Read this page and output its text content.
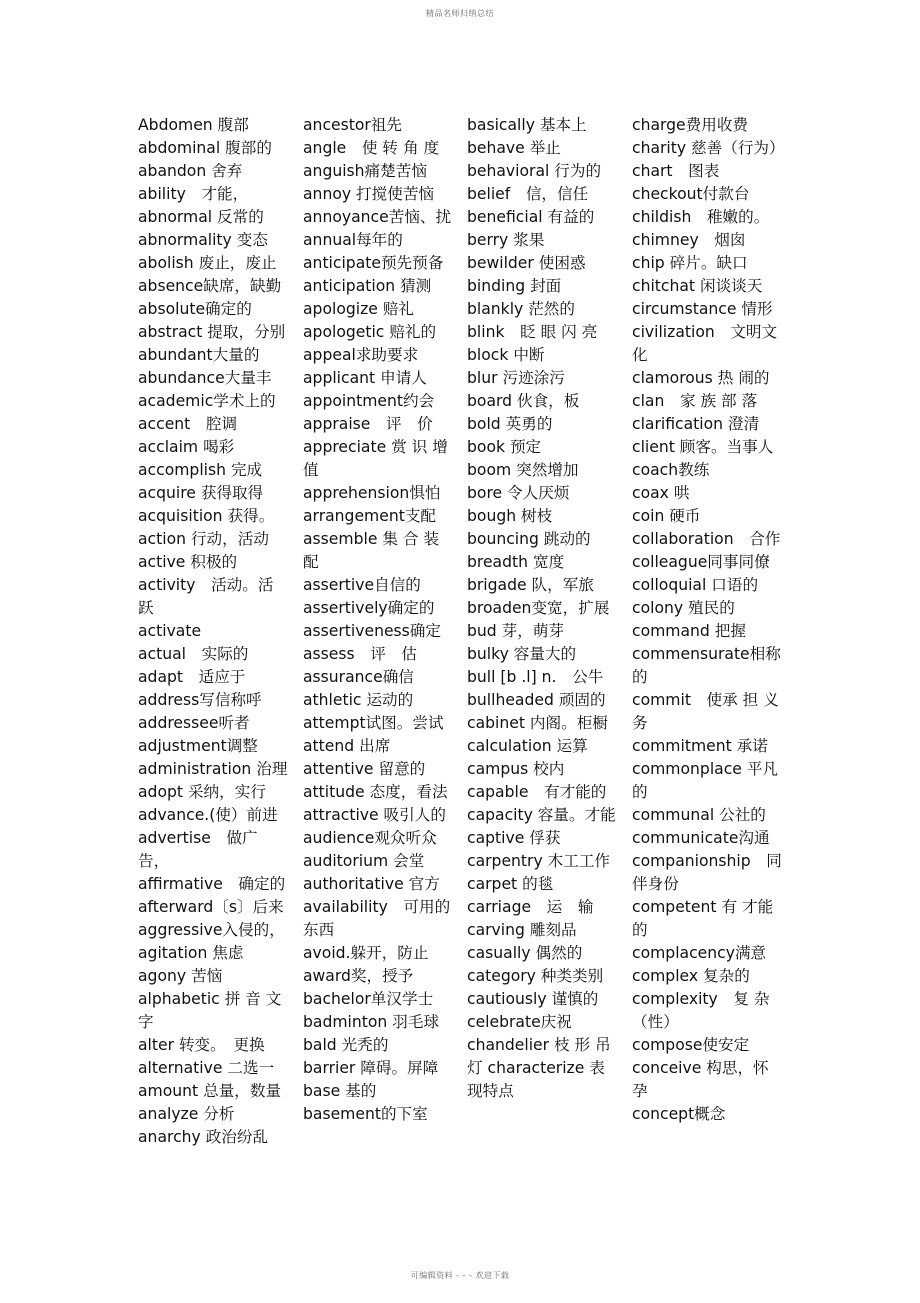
精品名师归纳总结
Abdomen 腹部
abdominal 腹部的
abandon 舍弃
ability　才能，
abnormal 反常的
abnormality 变态
abolish 废止，废止
absence缺席，缺勤
absolute确定的
abstract 提取，分别
abundant大量的
abundance大量丰
academic学术上的
accent　腔调
acclaim 喝彩
accomplish 完成
acquire 获得取得
acquisition 获得。
action 行动，活动
active 积极的
activity　活动。活跃
activate
actual　实际的
adapt　适应于
address写信称呼
addressee听者
adjustment调整
administration 治理
adopt 采纳，实行
advance.(使）前进
advertise　做广告，
affirmative　确定的
afterward〔s〕后来
aggressive入侵的，
agitation 焦虑
agony 苦恼
alphabetic 拼 音 文字
alter 转变。　更换
alternative 二选一
amount 总量，数量
analyze 分析
anarchy 政治纷乱
ancestor祖先
angle　使 转 角 度
anguish痛楚苦恼
annoy 打搅使苦恼
annoyance苦恼、扰
annual每年的
anticipate预先预备
anticipation 猜测
apologize 赔礼
apologetic 赔礼的
appeal求助要求
applicant 申请人
appointment约会
appraise　评　价
appreciate 赏 识 增值
apprehension惧怕
arrangement支配
assemble 集 合 装配
assertive自信的
assertively确定的
assertiveness确定
assess　评　估
assurance确信
athletic 运动的
attempt试图。尝试
attend 出席
attentive 留意的
attitude 态度，看法
attractive 吸引人的
audience观众听众
auditorium 会堂
authoritative 官方
availability　可用的东西
avoid.躲开，防止
award奖，授予
bachelor单汉学士
badminton 羽毛球
bald 光秃的
barrier 障碍。屏障
base 基的
basement的下室
basically 基本上
behave 举止
behavioral 行为的
belief　信，信任
beneficial 有益的
berry 浆果
bewilder 使困惑
binding 封面
blankly 茫然的
blink　眨 眼 闪 亮
block 中断
blur 污迹涂污
board 伙食，板
bold 英勇的
book 预定
boom 突然增加
bore 令人厌烦
bough 树枝
bouncing 跳动的
breadth 宽度
brigade 队，军旅
broaden变宽，扩展
bud 芽，萌芽
bulky 容量大的
bull [b .l] n.　公牛
bullheaded 顽固的
cabinet 内阁。柜橱
calculation 运算
campus 校内
capable　有才能的
capacity 容量。才能
captive 俘获
carpentry 木工工作
carpet 的毯
carriage　运　输
carving 雕刻品
casually 偶然的
category 种类类别
cautiously 谨慎的
celebrate庆祝
chandelier 枝 形 吊灯 characterize 表现特点
charge费用收费
charity 慈善（行为）
chart　图表
checkout付款台
childish　稚嫩的。
chimney　烟囱
chip 碎片。缺口
chitchat 闲谈谈天
circumstance 情形
civilization　文明文化
clamorous 热 闹的
clan　家 族 部 落
clarification 澄清
client 顾客。当事人
coach教练
coax 哄
coin 硬币
collaboration　合作
colleague同事同僚
colloquial 口语的
colony 殖民的
command 把握
commensurate相称的
commit　使承 担 义务
commitment 承诺
commonplace 平凡的
communal 公社的
communicate沟通
companionship　同伴身份
competent 有 才能的
complacency满意
complex 复杂的
complexity　复 杂（性）
compose使安定
conceive 构思，怀孕
concept概念
可编辑资料 - - - 欢迎下载
